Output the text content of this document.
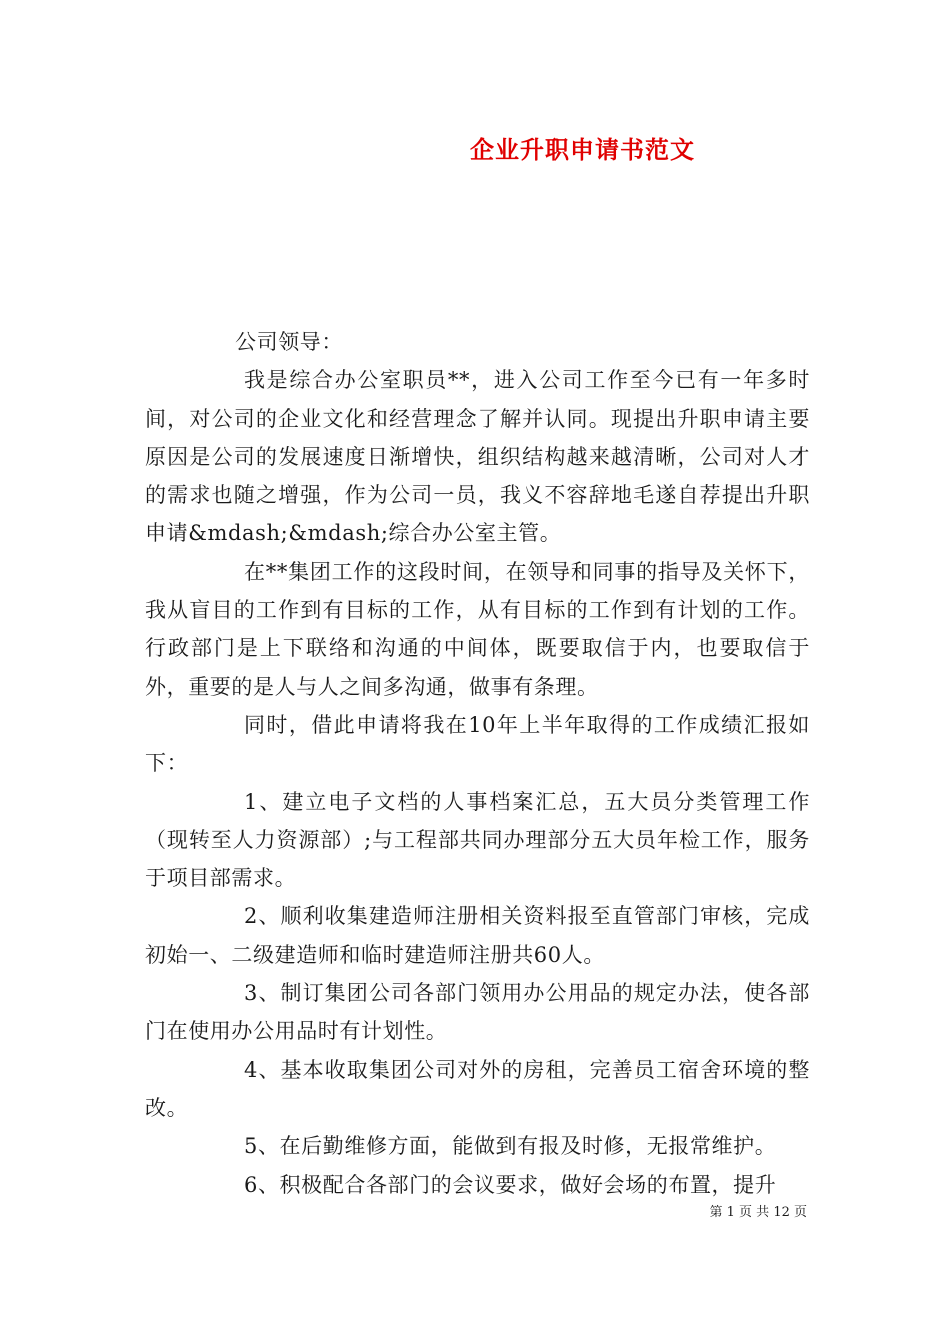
企业升职申请书范文

公司领导：

我是综合办公室职员**，进入公司工作至今已有一年多时间，对公司的企业文化和经营理念了解并认同。现提出升职申请主要原因是公司的发展速度日渐增快，组织结构越来越清晰，公司对人才的需求也随之增强，作为公司一员，我义不容辞地毛遂自荐提出升职申请&mdash;&mdash;综合办公室主管。

在**集团工作的这段时间，在领导和同事的指导及关怀下，我从盲目的工作到有目标的工作，从有目标的工作到有计划的工作。行政部门是上下联络和沟通的中间体，既要取信于内，也要取信于外，重要的是人与人之间多沟通，做事有条理。

同时，借此申请将我在10年上半年取得的工作成绩汇报如下：

1、建立电子文档的人事档案汇总，五大员分类管理工作（现转至人力资源部）;与工程部共同办理部分五大员年检工作，服务于项目部需求。

2、顺利收集建造师注册相关资料报至直管部门审核，完成初始一、二级建造师和临时建造师注册共60人。

3、制订集团公司各部门领用办公用品的规定办法，使各部门在使用办公用品时有计划性。

4、基本收取集团公司对外的房租，完善员工宿舍环境的整改。

5、在后勤维修方面，能做到有报及时修，无报常维护。

6、积极配合各部门的会议要求，做好会场的布置，提升

第 1 页 共 12 页
